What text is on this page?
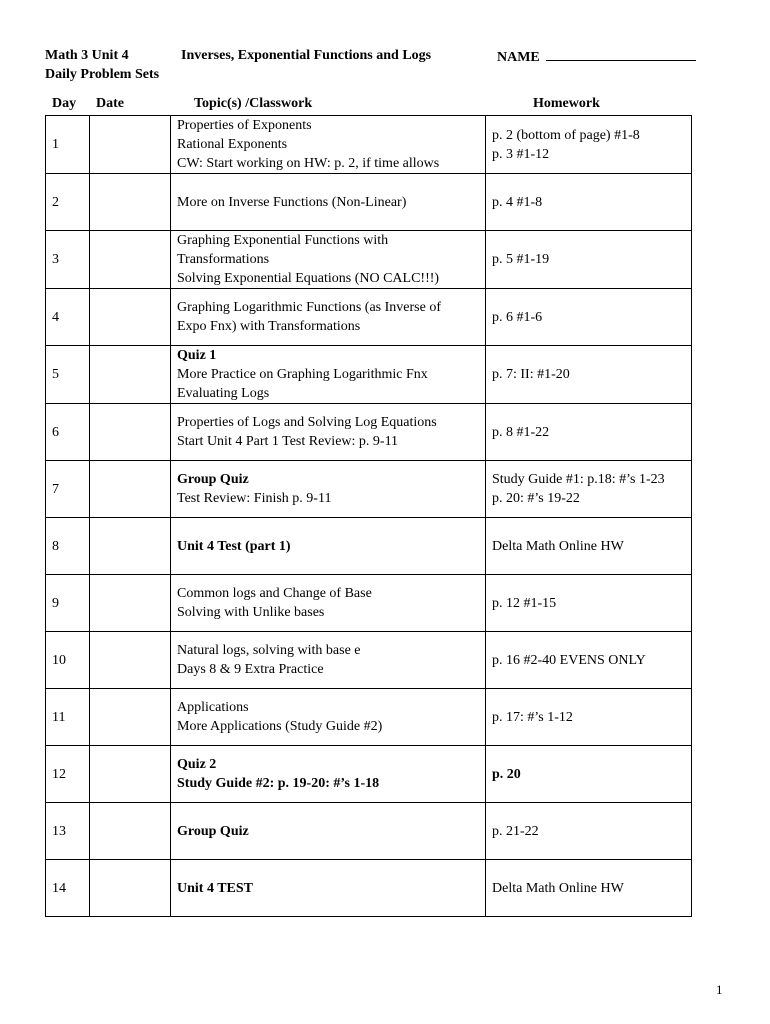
Math 3 Unit 4	Inverses, Exponential Functions and Logs	NAME
Daily Problem Sets
Day Date	Topic(s) /Classwork	Homework
1		Properties of Exponents
Rational Exponents
CW: Start working on HW: p. 2, if time allows	p. 2 (bottom of page) #1-8
p. 3 #1-12

2		More on Inverse Functions (Non-Linear)	p. 4 #1-8

3		Graphing Exponential Functions with
Transformations
Solving Exponential Equations (NO CALC!!!)	p. 5 #1-19

4		Graphing Logarithmic Functions (as Inverse of
Expo Fnx) with Transformations	p. 6 #1-6

5		Quiz 1
More Practice on Graphing Logarithmic Fnx
Evaluating Logs	p. 7: II: #1-20

6		Properties of Logs and Solving Log Equations
Start Unit 4 Part 1 Test Review: p. 9-11	p. 8 #1-22

7		Group Quiz
Test Review: Finish p. 9-11	Study Guide #1: p.18: #’s 1-23
p. 20: #’s 19-22

8		Unit 4 Test (part 1)	Delta Math Online HW

9		Common logs and Change of Base
Solving with Unlike bases	p. 12 #1-15

10		Natural logs, solving with base e
Days 8 & 9 Extra Practice	p. 16 #2-40 EVENS ONLY

11		Applications
More Applications (Study Guide #2)	p. 17: #’s 1-12

12		Quiz 2
Study Guide #2: p. 19-20: #’s 1-18	p. 20

13		Group Quiz	p. 21-22

14		Unit 4 TEST	Delta Math Online HW
1
